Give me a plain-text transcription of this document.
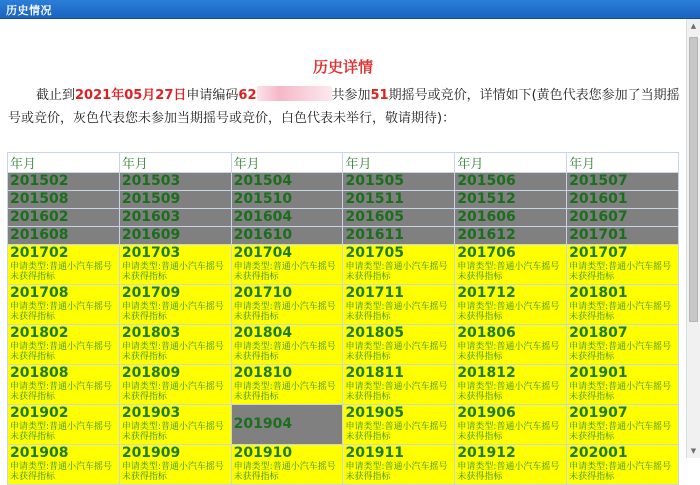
历史情况
▲
▼
历史详情
截止到2021年05月27日申请编码62	共参加51期摇号或竞价，详情如下(黄色代表您参加了当期摇号或竞价，灰色代表您未参加当期摇号或竞价，白色代表未举行，敬请期待)：
年月	年月	年月	年月	年月	年月

201502	201503	201504	201505	201506	201507

201508	201509	201510	201511	201512	201601

201602	201603	201604	201605	201606	201607

201608	201609	201610	201611	201612	201701

201702
申请类型:普通小汽车摇号
未获得指标	201703
申请类型:普通小汽车摇号
未获得指标	201704
申请类型:普通小汽车摇号
未获得指标	201705
申请类型:普通小汽车摇号
未获得指标	201706
申请类型:普通小汽车摇号
未获得指标	201707
申请类型:普通小汽车摇号
未获得指标

201708
申请类型:普通小汽车摇号
未获得指标	201709
申请类型:普通小汽车摇号
未获得指标	201710
申请类型:普通小汽车摇号
未获得指标	201711
申请类型:普通小汽车摇号
未获得指标	201712
申请类型:普通小汽车摇号
未获得指标	201801
申请类型:普通小汽车摇号
未获得指标

201802
申请类型:普通小汽车摇号
未获得指标	201803
申请类型:普通小汽车摇号
未获得指标	201804
申请类型:普通小汽车摇号
未获得指标	201805
申请类型:普通小汽车摇号
未获得指标	201806
申请类型:普通小汽车摇号
未获得指标	201807
申请类型:普通小汽车摇号
未获得指标

201808
申请类型:普通小汽车摇号
未获得指标	201809
申请类型:普通小汽车摇号
未获得指标	201810
申请类型:普通小汽车摇号
未获得指标	201811
申请类型:普通小汽车摇号
未获得指标	201812
申请类型:普通小汽车摇号
未获得指标	201901
申请类型:普通小汽车摇号
未获得指标

201902
申请类型:普通小汽车摇号
未获得指标	201903
申请类型:普通小汽车摇号
未获得指标	201904	201905
申请类型:普通小汽车摇号
未获得指标	201906
申请类型:普通小汽车摇号
未获得指标	201907
申请类型:普通小汽车摇号
未获得指标

201908
申请类型:普通小汽车摇号
未获得指标	201909
申请类型:普通小汽车摇号
未获得指标	201910
申请类型:普通小汽车摇号
未获得指标	201911
申请类型:普通小汽车摇号
未获得指标	201912
申请类型:普通小汽车摇号
未获得指标	202001
申请类型:普通小汽车摇号
未获得指标
